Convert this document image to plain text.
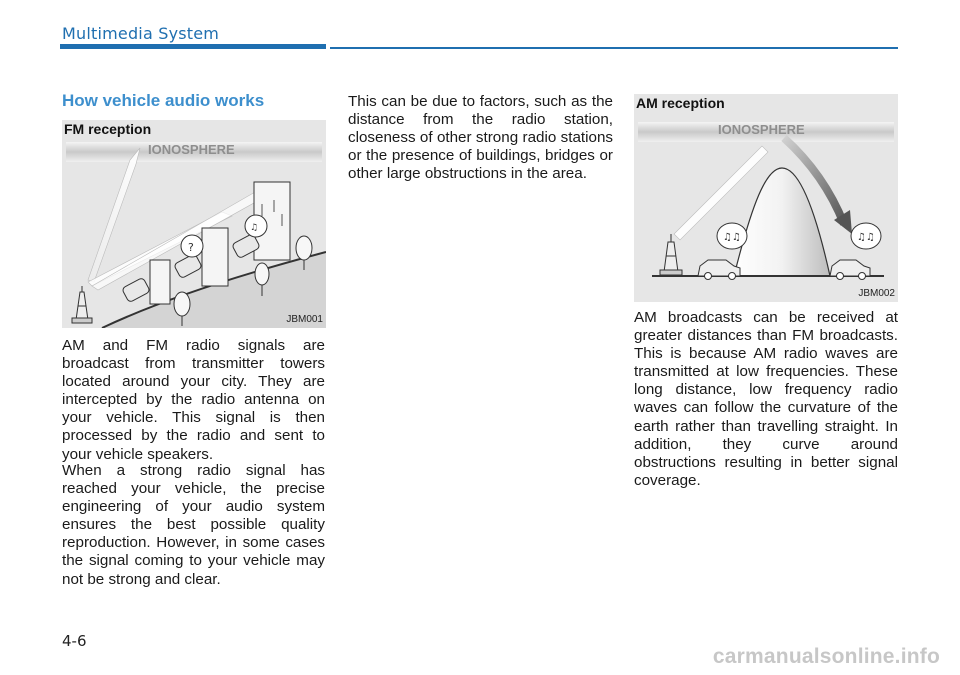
Multimedia System
How vehicle audio works
?
♫
FM reception
IONOSPHERE
JBM001
♫♫	♫♫
AM reception
IONOSPHERE
JBM002

AM and FM radio signals are broadcast from transmitter towers located around your city. They are intercepted by the radio antenna on your vehicle. This signal is then processed by the radio and sent to your vehicle speakers.

When a strong radio signal has reached your vehicle, the precise engineering of your audio system ensures the best possible quality reproduction. However, in some cases the signal coming to your vehicle may not be strong and clear.

This can be due to factors, such as the distance from the radio station, closeness of other strong radio stations or the presence of buildings, bridges or other large obstructions in the area.

AM broadcasts can be received at greater distances than FM broadcasts. This is because AM radio waves are transmitted at low frequencies. These long distance, low frequency radio waves can follow the curvature of the earth rather than travelling straight. In addition, they curve around obstructions resulting in better signal coverage.

4-6
carmanualsonline.info
